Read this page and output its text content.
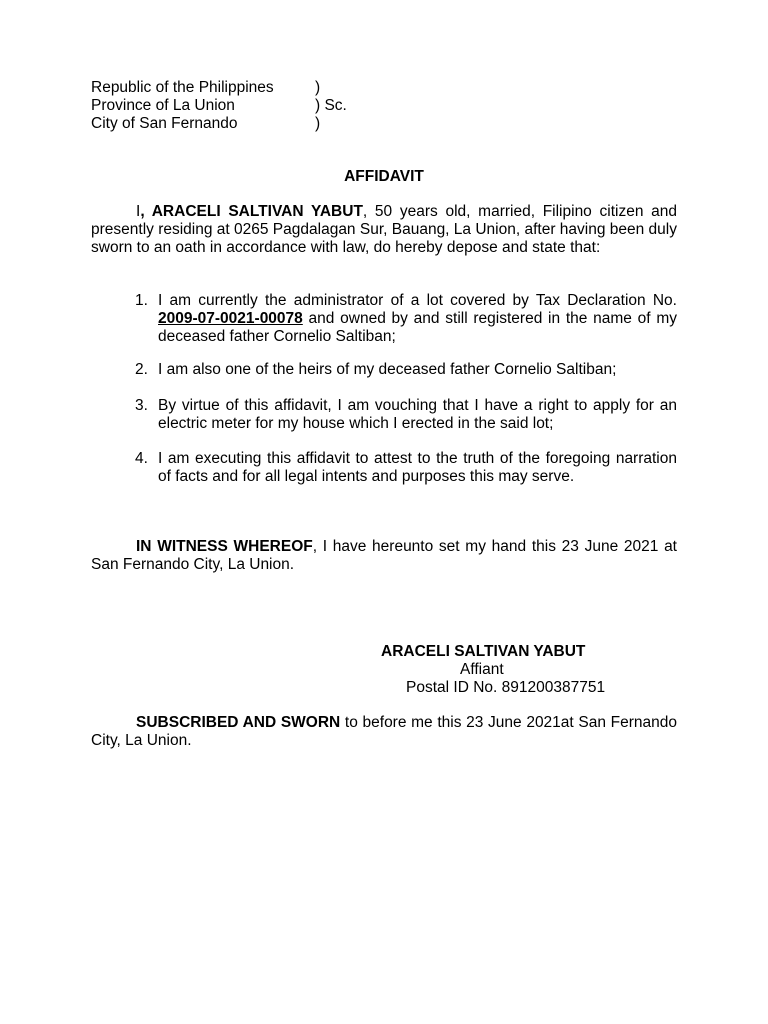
Republic of the Philippines	)
Province of La Union	) Sc.
City of San Fernando	)
AFFIDAVIT
I, ARACELI SALTIVAN YABUT, 50 years old, married, Filipino citizen and presently residing at 0265 Pagdalagan Sur, Bauang, La Union, after having been duly sworn to an oath in accordance with law, do hereby depose and state that:
1. I am currently the administrator of a lot covered by Tax Declaration No. 2009-07-0021-00078 and owned by and still registered in the name of my deceased father Cornelio Saltiban;
2. I am also one of the heirs of my deceased father Cornelio Saltiban;
3. By virtue of this affidavit, I am vouching that I have a right to apply for an electric meter for my house which I erected in the said lot;
4. I am executing this affidavit to attest to the truth of the foregoing narration of facts and for all legal intents and purposes this may serve.
IN WITNESS WHEREOF, I have hereunto set my hand this 23 June 2021 at San Fernando City, La Union.
ARACELI SALTIVAN YABUT
Affiant
Postal ID No. 891200387751
SUBSCRIBED AND SWORN to before me this 23 June 2021at San Fernando City, La Union.
